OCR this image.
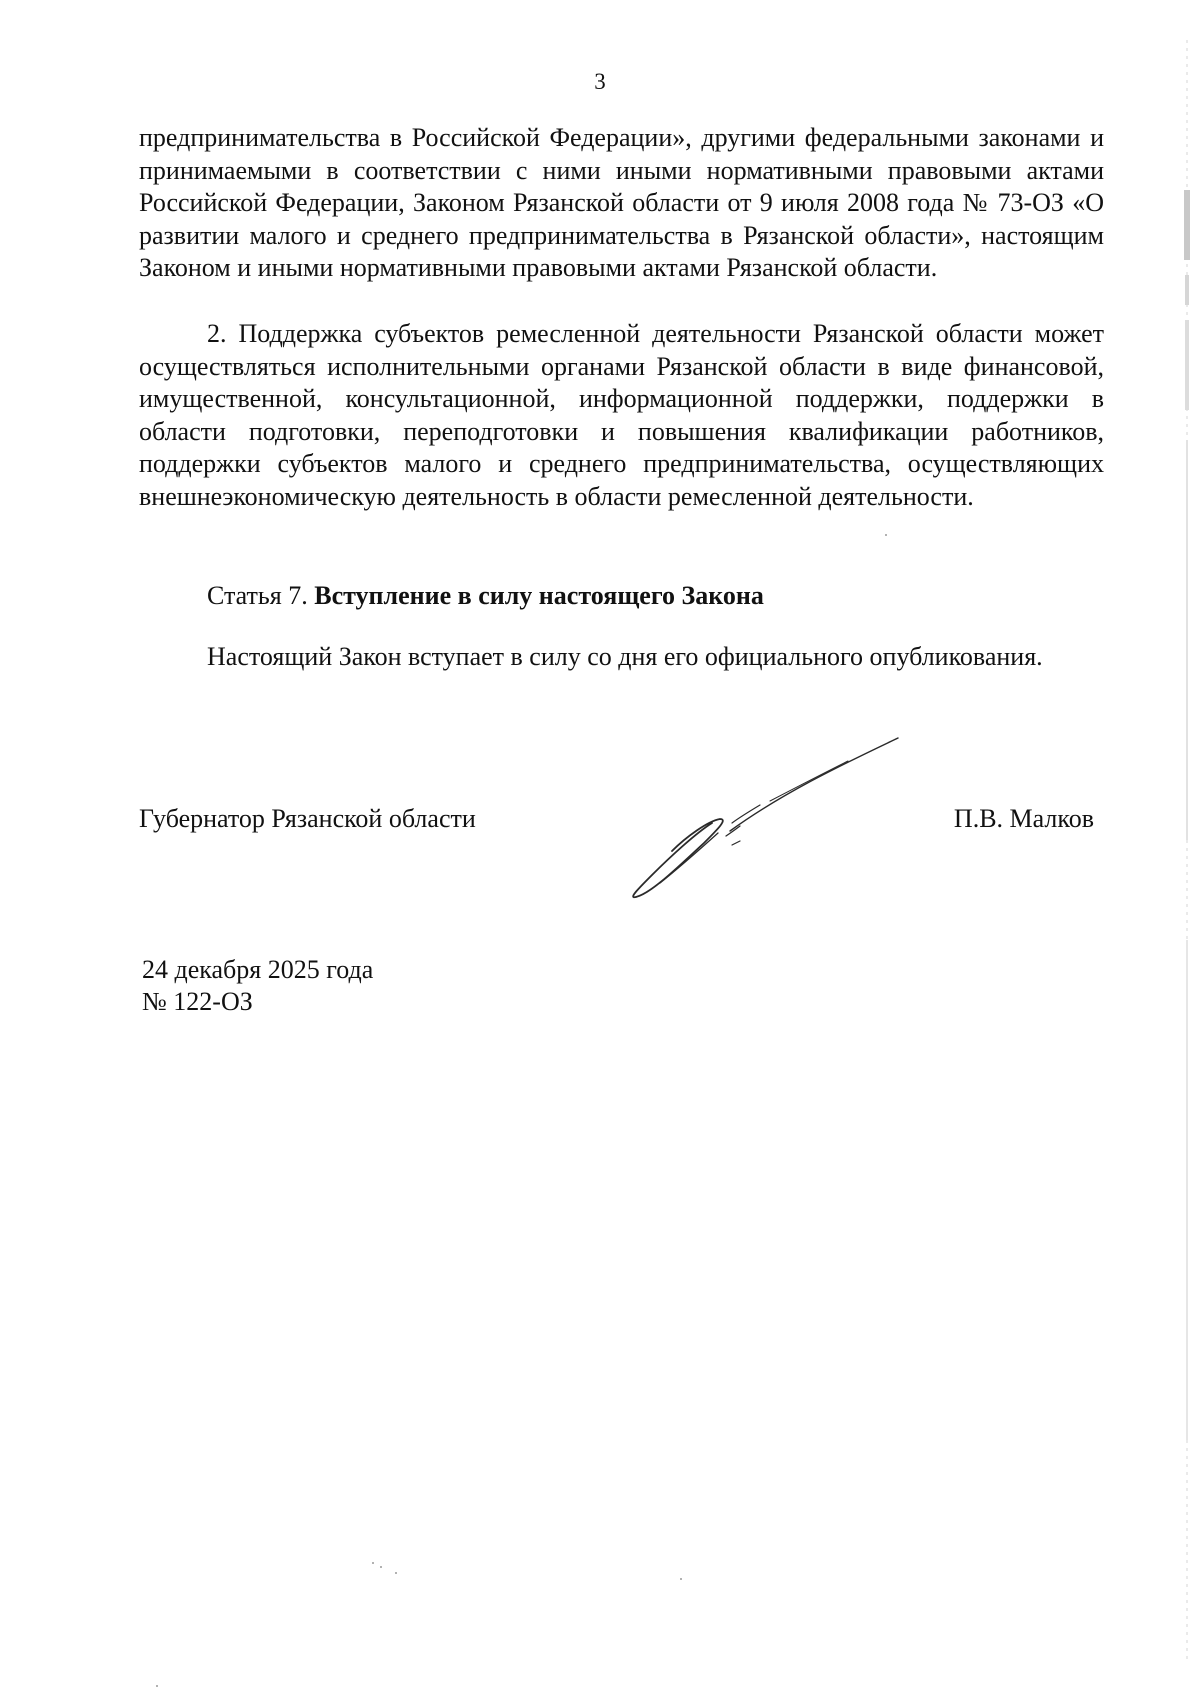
3

предпринимательства в Российской Федерации», другими федеральными законами и принимаемыми в соответствии с ними иными нормативными правовыми актами Российской Федерации, Законом Рязанской области от 9 июля 2008 года № 73-ОЗ «О развитии малого и среднего предпринимательства в Рязанской области», настоящим Законом и иными нормативными правовыми актами Рязанской области.

2. Поддержка субъектов ремесленной деятельности Рязанской области может осуществляться исполнительными органами Рязанской области в виде финансовой, имущественной, консультационной, информационной поддержки, поддержки в области подготовки, переподготовки и повышения квалификации работников, поддержки субъектов малого и среднего предпринимательства, осуществляющих внешнеэкономическую деятельность в области ремесленной деятельности.

Статья 7. Вступление в силу настоящего Закона

Настоящий Закон вступает в силу со дня его официального опубликования.

Губернатор Рязанской области	П.В. Малков
24 декабря 2025 года
№ 122-ОЗ
